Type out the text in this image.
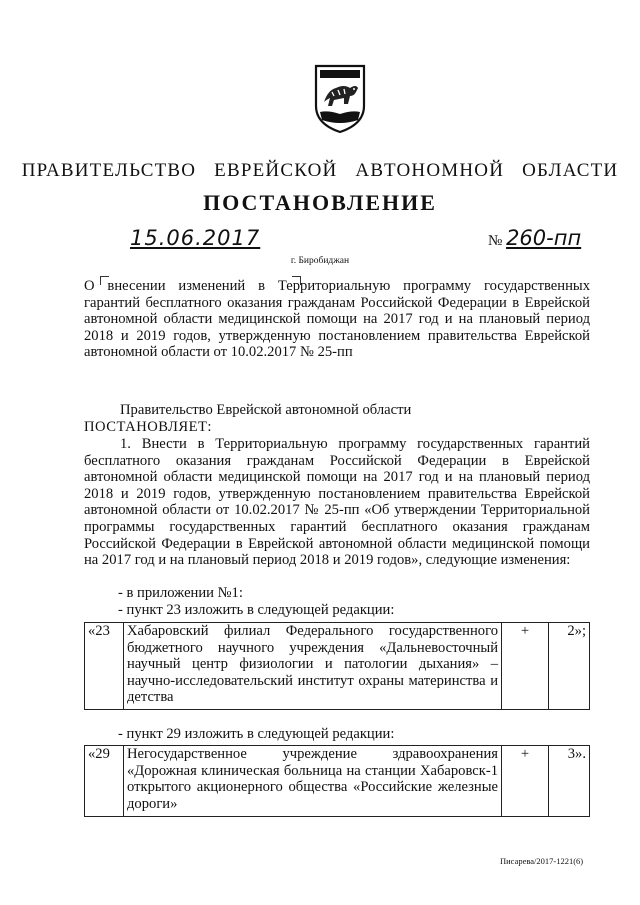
ПРАВИТЕЛЬСТВО ЕВРЕЙСКОЙ АВТОНОМНОЙ ОБЛАСТИ
ПОСТАНОВЛЕНИЕ
15.06.2017	№ 260-пп
г. Биробиджан
О внесении изменений в Территориальную программу государственных гарантий бесплатного оказания гражданам Российской Федерации в Еврейской автономной области медицинской помощи на 2017 год и на плановый период 2018 и 2019 годов, утвержденную постановлением правительства Еврейской автономной области от 10.02.2017 № 25-пп
Правительство Еврейской автономной области
ПОСТАНОВЛЯЕТ:
1. Внести в Территориальную программу государственных гарантий бесплатного оказания гражданам Российской Федерации в Еврейской автономной области медицинской помощи на 2017 год и на плановый период 2018 и 2019 годов, утвержденную постановлением правительства Еврейской автономной области от 10.02.2017 № 25-пп «Об утверждении Территориальной программы государственных гарантий бесплатного оказания гражданам Российской Федерации в Еврейской автономной области медицинской помощи на 2017 год и на плановый период 2018 и 2019 годов», следующие изменения:
- в приложении №1:
- пункт 23 изложить в следующей редакции:
«23	Хабаровский филиал Федерального государственного бюджетного научного учреждения «Дальневосточный научный центр физиологии и патологии дыхания» – научно-исследовательский институт охраны материнства и детства	+	2»;
- пункт 29 изложить в следующей редакции:
«29	Негосударственное учреждение здравоохранения «Дорожная клиническая больница на станции Хабаровск-1 открытого акционерного общества «Российские железные дороги»	+	3».
Писарева/2017-1221(6)
